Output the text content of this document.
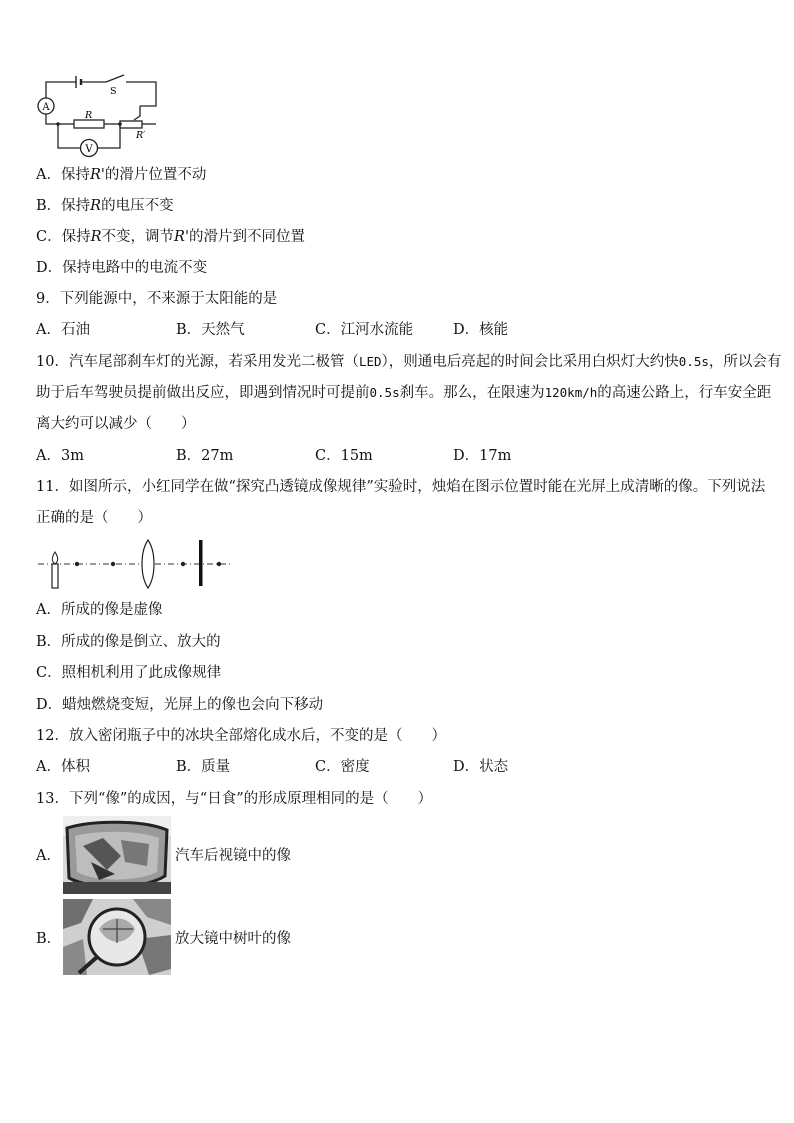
A
V
S
R
R′
A．保持R'的滑片位置不动
B．保持R的电压不变
C．保持R不变，调节R'的滑片到不同位置
D．保持电路中的电流不变
9．下列能源中，不来源于太阳能的是
A．石油	B．天然气	C．江河水流能	D．核能
10．汽车尾部刹车灯的光源，若采用发光二极管（LED），则通电后亮起的时间会比采用白炽灯大约快0.5s，所以会有
助于后车驾驶员提前做出反应，即遇到情况时可提前0.5s刹车。那么，在限速为120km/h的高速公路上，行车安全距
离大约可以减少（　　）
A．3m	B．27m	C．15m	D．17m
11．如图所示，小红同学在做“探究凸透镜成像规律”实验时，烛焰在图示位置时能在光屏上成清晰的像。下列说法
正确的是（　　）
A．所成的像是虚像
B．所成的像是倒立、放大的
C．照相机利用了此成像规律
D．蜡烛燃烧变短，光屏上的像也会向下移动
12．放入密闭瓶子中的冰块全部熔化成水后，不变的是（　　）
A．体积	B．质量	C．密度	D．状态
13．下列“像”的成因，与“日食”的形成原理相同的是（　　）
A．	汽车后视镜中的像
B．	放大镜中树叶的像
